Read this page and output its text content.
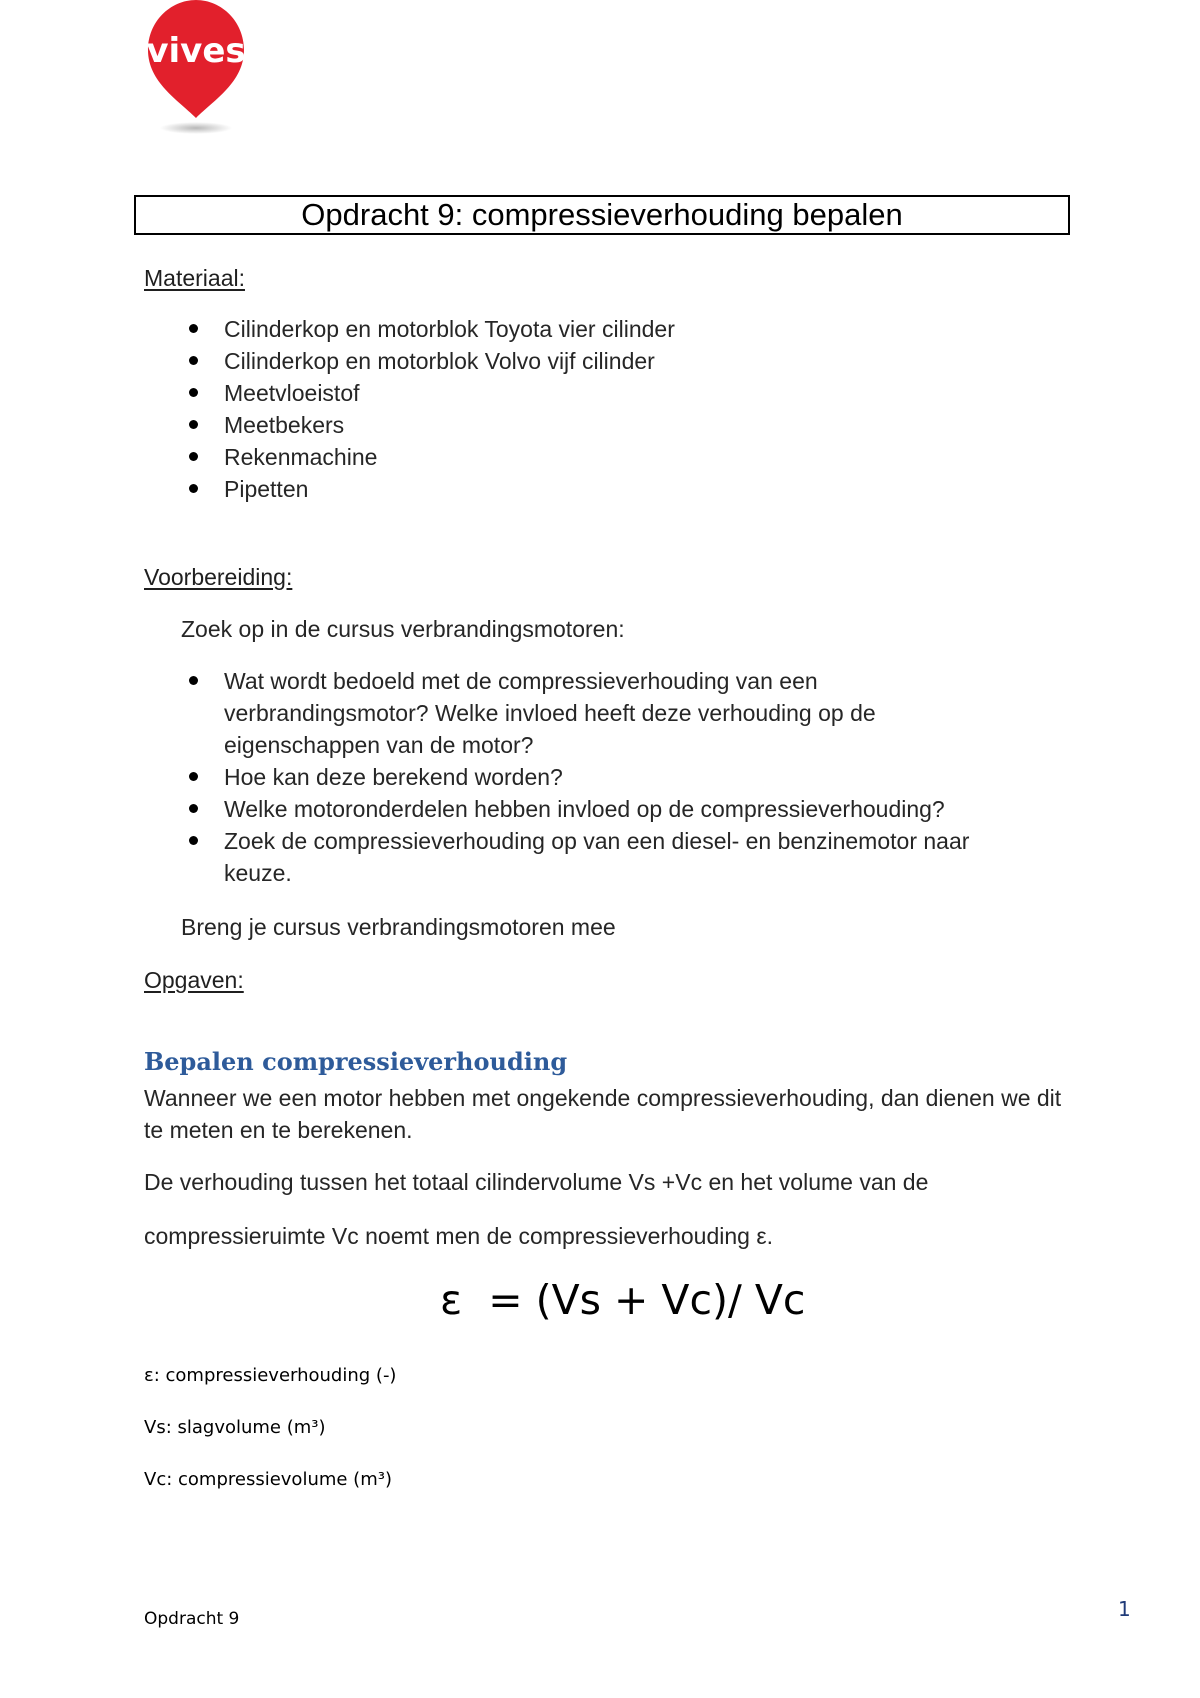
vives
Opdracht 9: compressieverhouding bepalen
Materiaal:
Cilinderkop en motorblok Toyota vier cilinder
Cilinderkop en motorblok Volvo vijf cilinder
Meetvloeistof
Meetbekers
Rekenmachine
Pipetten
Voorbereiding:
Zoek op in de cursus verbrandingsmotoren:
Wat wordt bedoeld met de compressieverhouding van een verbrandingsmotor? Welke invloed heeft deze verhouding op de eigenschappen van de motor?
Hoe kan deze berekend worden?
Welke motoronderdelen hebben invloed op de compressieverhouding?
Zoek de compressieverhouding op van een diesel- en benzinemotor naar keuze.
Breng je cursus verbrandingsmotoren mee
Opgaven:
Bepalen compressieverhouding
Wanneer we een motor hebben met ongekende compressieverhouding, dan dienen we dit te meten en te berekenen.
De verhouding tussen het totaal cilindervolume Vs +Vc en het volume van de
compressieruimte Vc noemt men de compressieverhouding ε.
ε  = (Vs + Vc)/ Vc
ε: compressieverhouding (-)
Vs: slagvolume (m³)
Vc: compressievolume (m³)
Opdracht 9	1
